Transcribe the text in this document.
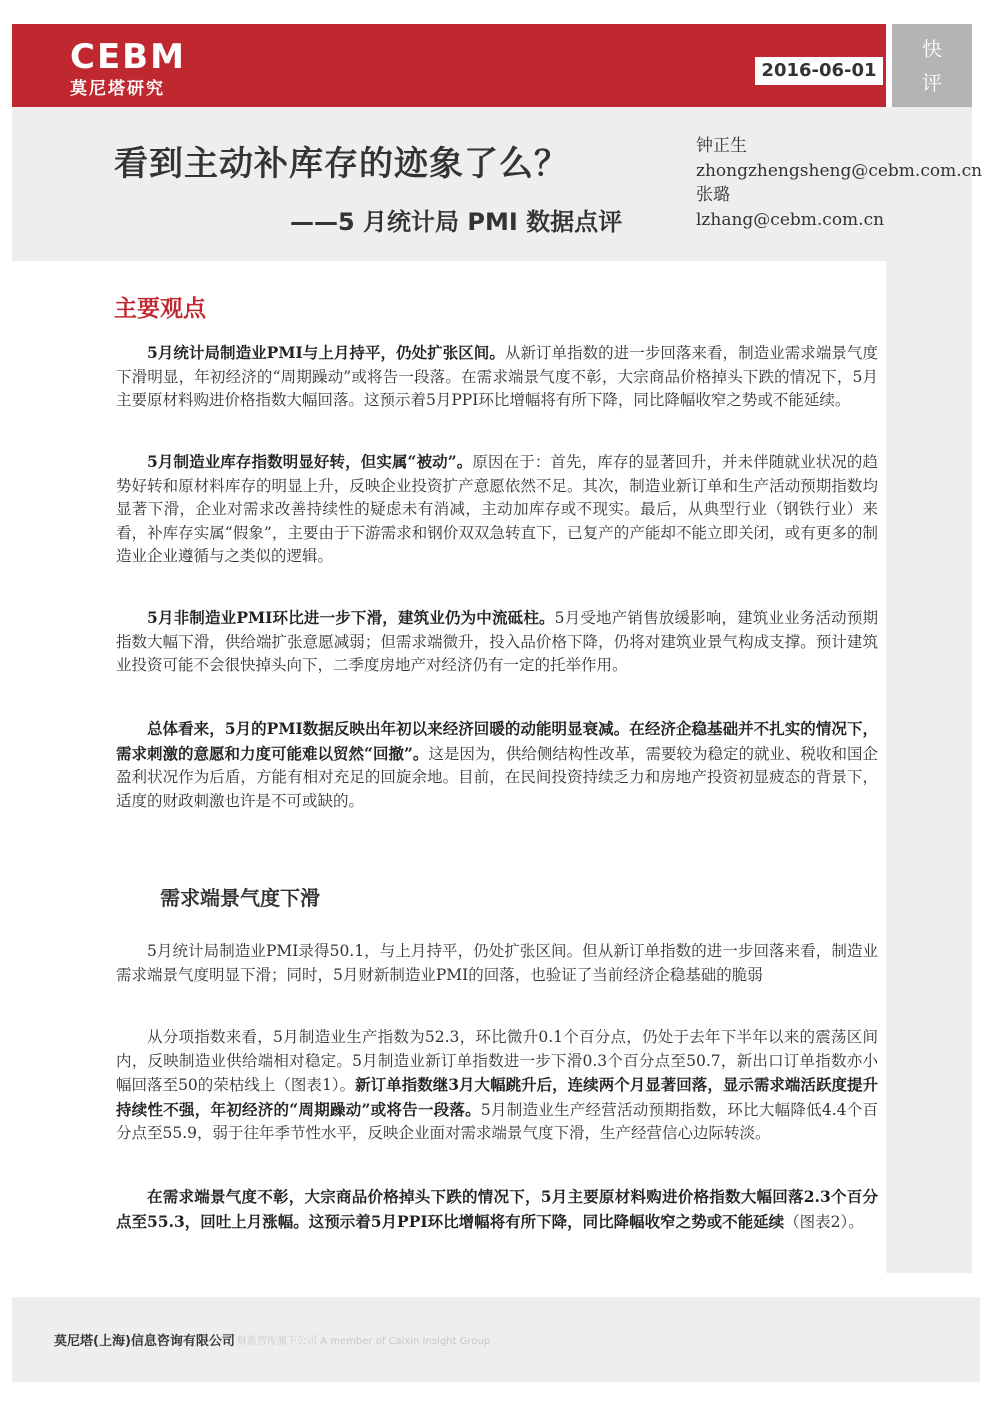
CEBM
莫尼塔研究
2016-06-01
快
评
看到主动补库存的迹象了么？
——5 月统计局 PMI 数据点评
钟正生
zhongzhengsheng@cebm.com.cn
张璐
lzhang@cebm.com.cn
主要观点

5月统计局制造业PMI与上月持平，仍处扩张区间。从新订单指数的进一步回落来看，制造业需求端景气度下滑明显，年初经济的“周期躁动”或将告一段落。在需求端景气度不彰，大宗商品价格掉头下跌的情况下，5月主要原材料购进价格指数大幅回落。这预示着5月PPI环比增幅将有所下降，同比降幅收窄之势或不能延续。

5月制造业库存指数明显好转，但实属“被动”。原因在于：首先，库存的显著回升，并未伴随就业状况的趋势好转和原材料库存的明显上升，反映企业投资扩产意愿依然不足。其次，制造业新订单和生产活动预期指数均显著下滑，企业对需求改善持续性的疑虑未有消减，主动加库存或不现实。最后，从典型行业（钢铁行业）来看，补库存实属“假象”，主要由于下游需求和钢价双双急转直下，已复产的产能却不能立即关闭，或有更多的制造业企业遵循与之类似的逻辑。

5月非制造业PMI环比进一步下滑，建筑业仍为中流砥柱。5月受地产销售放缓影响，建筑业业务活动预期指数大幅下滑，供给端扩张意愿减弱；但需求端微升，投入品价格下降，仍将对建筑业景气构成支撑。预计建筑业投资可能不会很快掉头向下，二季度房地产对经济仍有一定的托举作用。

总体看来，5月的PMI数据反映出年初以来经济回暖的动能明显衰减。在经济企稳基础并不扎实的情况下，需求刺激的意愿和力度可能难以贸然“回撤”。这是因为，供给侧结构性改革，需要较为稳定的就业、税收和国企盈利状况作为后盾，方能有相对充足的回旋余地。目前，在民间投资持续乏力和房地产投资初显疲态的背景下，适度的财政刺激也许是不可或缺的。

需求端景气度下滑

5月统计局制造业PMI录得50.1，与上月持平，仍处扩张区间。但从新订单指数的进一步回落来看，制造业需求端景气度明显下滑；同时，5月财新制造业PMI的回落，也验证了当前经济企稳基础的脆弱

从分项指数来看，5月制造业生产指数为52.3，环比微升0.1个百分点，仍处于去年下半年以来的震荡区间内，反映制造业供给端相对稳定。5月制造业新订单指数进一步下滑0.3个百分点至50.7，新出口订单指数亦小幅回落至50的荣枯线上（图表1）。新订单指数继3月大幅跳升后，连续两个月显著回落，显示需求端活跃度提升持续性不强，年初经济的“周期躁动”或将告一段落。5月制造业生产经营活动预期指数，环比大幅降低4.4个百分点至55.9，弱于往年季节性水平，反映企业面对需求端景气度下滑，生产经营信心边际转淡。

在需求端景气度不彰，大宗商品价格掉头下跌的情况下，5月主要原材料购进价格指数大幅回落2.3个百分点至55.3，回吐上月涨幅。这预示着5月PPI环比增幅将有所下降，同比降幅收窄之势或不能延续（图表2）。

莫尼塔(上海)信息咨询有限公司 财新智库旗下公司 A member of Caixin Insight Group
